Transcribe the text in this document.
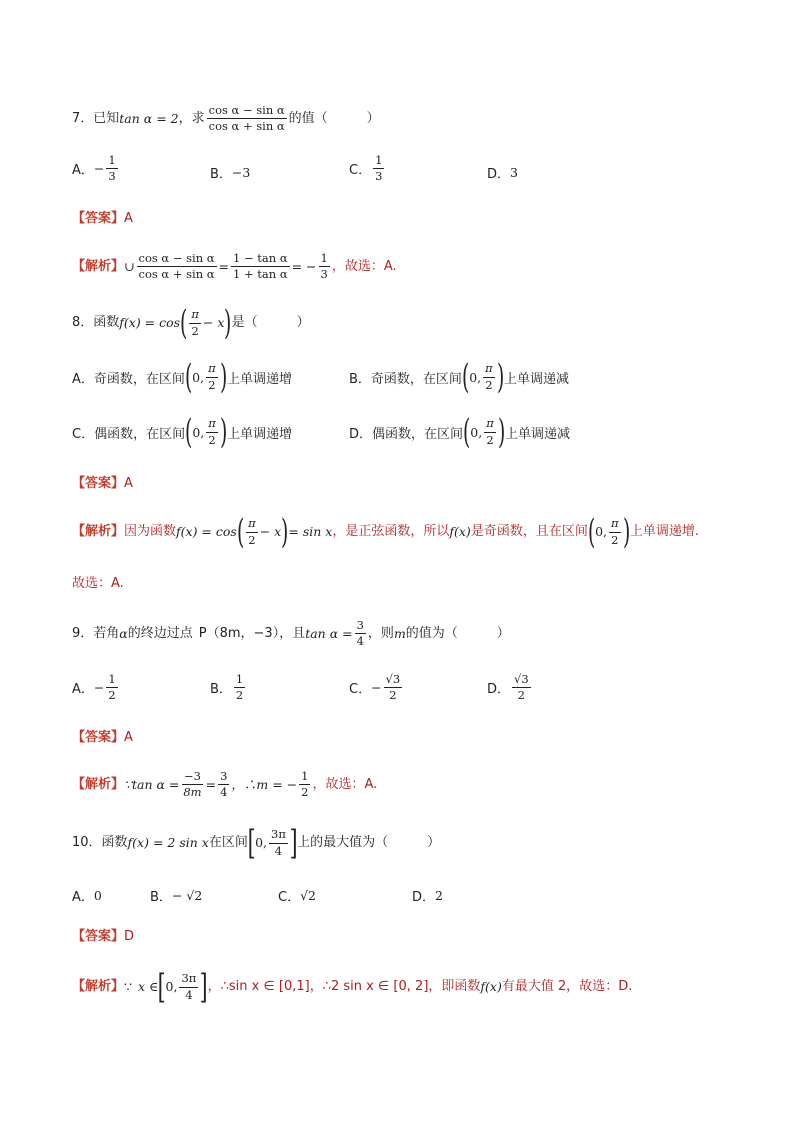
7．已知 tan α = 2 ，求 $\frac{\text{cos α − sin α}}{\text{cos α + sin α}}$ 的值（　　　）
A． − $\frac{1}{3}$	B． −3	C． $\frac{1}{3}$	D． 3
【答案】 A
【解析】 ∪ $\frac{\text{cos α − sin α}}{\text{cos α + sin α}} = \frac{\text{1 − tan α}}{\text{1 + tan α}}$ = − $\frac{1}{3}$ ，故选：A.
8．函数 f(x) = cos ( $\frac{\pi}{2} - x$ ) 是（　　　）
A．奇函数，在区间 ( 0, $\frac{\pi}{2}$ ) 上单调递增	B．奇函数，在区间 ( 0, $\frac{\pi}{2}$ ) 上单调递减
C．偶函数，在区间 ( 0, $\frac{\pi}{2}$ ) 上单调递增	D．偶函数，在区间 ( 0, $\frac{\pi}{2}$ ) 上单调递减
【答案】 A
【解析】 因为函数 f(x) = cos ( $\frac{\pi}{2} - x$ ) = sin x ，是正弦函数，所以 f(x) 是奇函数，且在区间 ( 0, $\frac{\pi}{2}$ ) 上单调递增.
故选：A.
9．若角 α 的终边过点 P（8m，−3），且 $\tan \alpha = \frac{3}{4}$ ，则 m 的值为（　　　）
A． − $\frac{1}{2}$	B． $\frac{1}{2}$	C． − $\frac{√3}{2}$	D． $\frac{√3}{2}$
【答案】 A
【解析】 ∵tan $\alpha = \frac{-3}{8m} = \frac{3}{4}$ ，∴m = − $\frac{1}{2}$ ，故选：A.
10．函数 f(x) = 2 sin x 在区间 [ 0, $\frac{3\pi}{4}$ ] 上的最大值为（　　　）
A． 0	B． − √2	C． √2	D． 2
【答案】 D
【解析】 ∵ x ∈ [ 0, $\frac{3\pi}{4}$ ] ，∴sin x ∈ [0,1]，∴2 sin x ∈ [0, 2]，即函数 f(x) 有最大值 2，故选：D.
